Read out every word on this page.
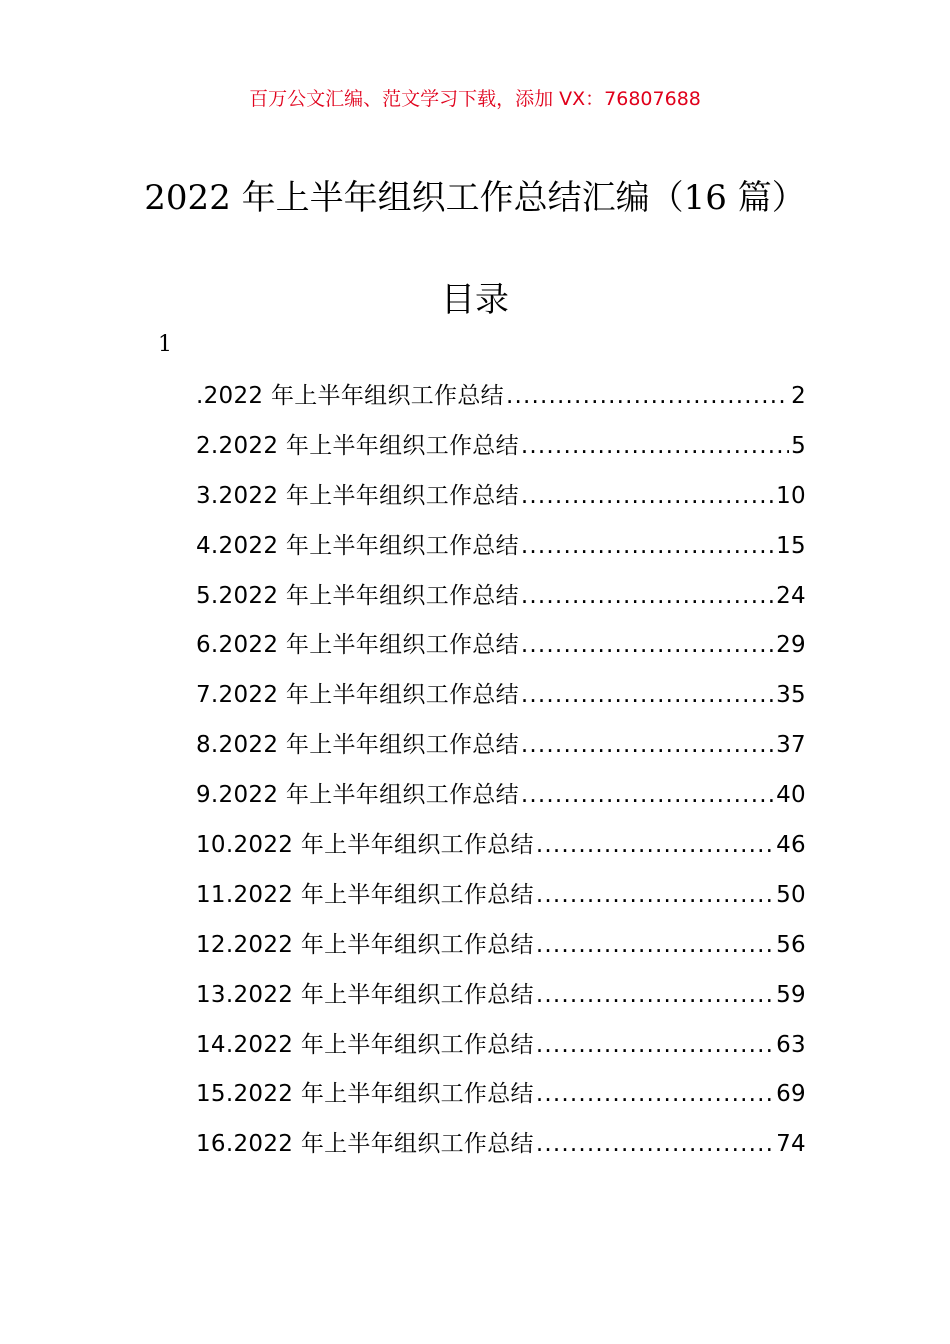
百万公文汇编、范文学习下载，添加 VX：76807688
2022 年上半年组织工作总结汇编（16 篇）
目录
1
.2022 年上半年组织工作总结 .....	2
2.2022 年上半年组织工作总结 .....	5
3.2022 年上半年组织工作总结 .....	10
4.2022 年上半年组织工作总结 .....	15
5.2022 年上半年组织工作总结 .....	24
6.2022 年上半年组织工作总结 .....	29
7.2022 年上半年组织工作总结 .....	35
8.2022 年上半年组织工作总结 .....	37
9.2022 年上半年组织工作总结 .....	40
10.2022 年上半年组织工作总结 .....	46
11.2022 年上半年组织工作总结 .....	50
12.2022 年上半年组织工作总结 .....	56
13.2022 年上半年组织工作总结 .....	59
14.2022 年上半年组织工作总结 .....	63
15.2022 年上半年组织工作总结 .....	69
16.2022 年上半年组织工作总结 .....	74
